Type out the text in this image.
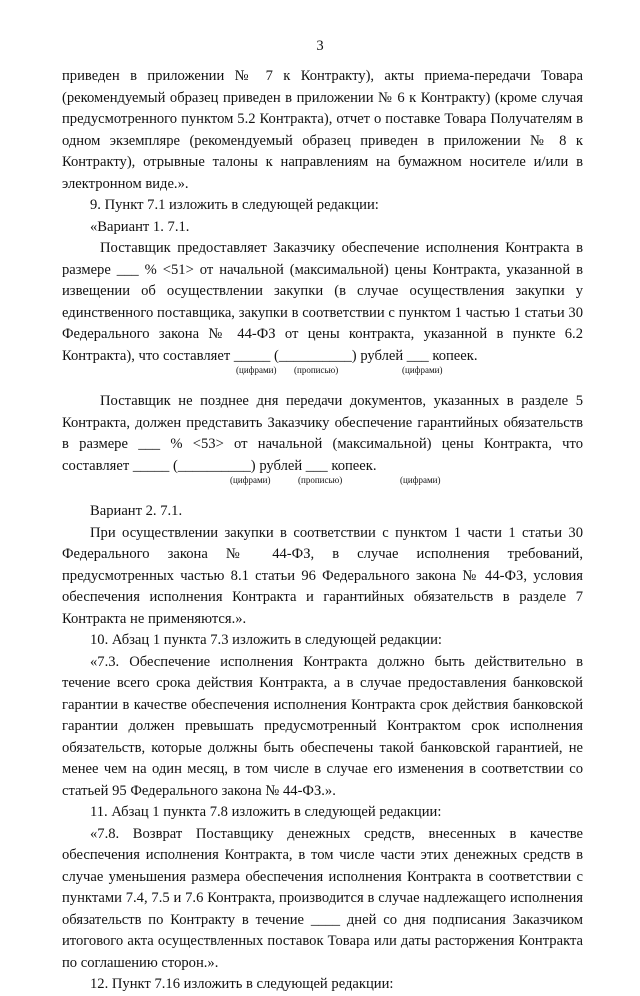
3

приведен в приложении № 7 к Контракту), акты приема-передачи Товара (рекомендуемый образец приведен в приложении № 6 к Контракту) (кроме случая предусмотренного пунктом 5.2 Контракта), отчет о поставке Товара Получателям в одном экземпляре (рекомендуемый образец приведен в приложении № 8 к Контракту), отрывные талоны к направлениям на бумажном носителе и/или в электронном виде.».

9. Пункт 7.1 изложить в следующей редакции:

«Вариант 1. 7.1.

Поставщик предоставляет Заказчику обеспечение исполнения Контракта в размере ___ % <51> от начальной (максимальной) цены Контракта, указанной в извещении об осуществлении закупки (в случае осуществления закупки у единственного поставщика, закупки в соответствии с пунктом 1 частью 1 статьи 30 Федерального закона № 44-ФЗ от цены контракта, указанной в пункте 6.2 Контракта), что составляет _____ (__________) рублей ___ копеек.

(цифрами) (прописью)	(цифрами)

Поставщик не позднее дня передачи документов, указанных в разделе 5 Контракта, должен представить Заказчику обеспечение гарантийных обязательств в размере ___ % <53> от начальной (максимальной) цены Контракта, что составляет _____ (__________) рублей ___ копеек.

(цифрами)	(прописью)	(цифрами)

Вариант 2. 7.1.

При осуществлении закупки в соответствии с пунктом 1 части 1 статьи 30 Федерального закона № 44-ФЗ, в случае исполнения требований, предусмотренных частью 8.1 статьи 96 Федерального закона № 44-ФЗ, условия обеспечения исполнения Контракта и гарантийных обязательств в разделе 7 Контракта не применяются.».

10. Абзац 1 пункта 7.3 изложить в следующей редакции:

«7.3. Обеспечение исполнения Контракта должно быть действительно в течение всего срока действия Контракта, а в случае предоставления банковской гарантии в качестве обеспечения исполнения Контракта срок действия банковской гарантии должен превышать предусмотренный Контрактом срок исполнения обязательств, которые должны быть обеспечены такой банковской гарантией, не менее чем на один месяц, в том числе в случае его изменения в соответствии со статьей 95 Федерального закона № 44-ФЗ.».

11. Абзац 1 пункта 7.8 изложить в следующей редакции:

«7.8. Возврат Поставщику денежных средств, внесенных в качестве обеспечения исполнения Контракта, в том числе части этих денежных средств в случае уменьшения размера обеспечения исполнения Контракта в соответствии с пунктами 7.4, 7.5 и 7.6 Контракта, производится в случае надлежащего исполнения обязательств по Контракту в течение ____ дней со дня подписания Заказчиком итогового акта осуществленных поставок Товара или даты расторжения Контракта по соглашению сторон.».

12. Пункт 7.16 изложить в следующей редакции:
